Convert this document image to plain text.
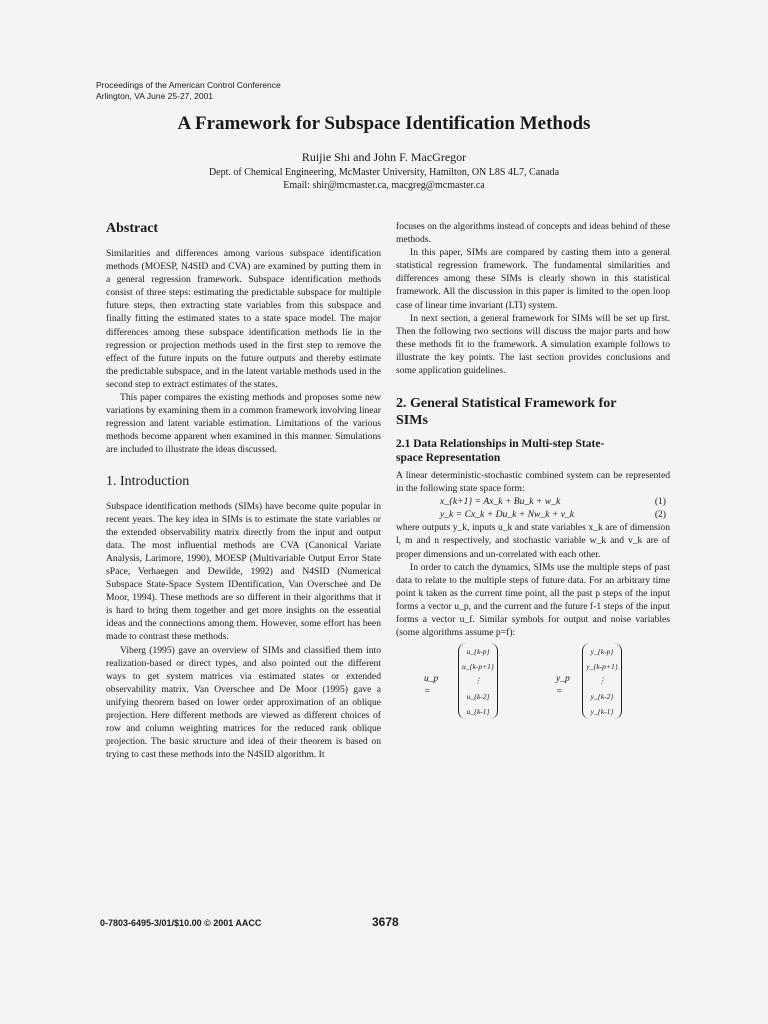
Proceedings of the American Control Conference
Arlington, VA June 25-27, 2001
A Framework for Subspace Identification Methods
Ruijie Shi and John F. MacGregor
Dept. of Chemical Engineering, McMaster University, Hamilton, ON L8S 4L7, Canada
Email: shir@mcmaster.ca, macgreg@mcmaster.ca
Abstract

Similarities and differences among various subspace identification methods (MOESP, N4SID and CVA) are examined by putting them in a general regression framework. Subspace identification methods consist of three steps: estimating the predictable subspace for multiple future steps, then extracting state variables from this subspace and finally fitting the estimated states to a state space model. The major differences among these subspace identification methods lie in the regression or projection methods used in the first step to remove the effect of the future inputs on the future outputs and thereby estimate the predictable subspace, and in the latent variable methods used in the second step to extract estimates of the states.

This paper compares the existing methods and proposes some new variations by examining them in a common framework involving linear regression and latent variable estimation. Limitations of the various methods become apparent when examined in this manner. Simulations are included to illustrate the ideas discussed.

1. Introduction

Subspace identification methods (SIMs) have become quite popular in recent years. The key idea in SIMs is to estimate the state variables or the extended observability matrix directly from the input and output data. The most influential methods are CVA (Canonical Variate Analysis, Larimore, 1990), MOESP (Multivariable Output Error State sPace, Verhaegen and Dewilde, 1992) and N4SID (Numerical Subspace State-Space System IDentification, Van Overschee and De Moor, 1994). These methods are so different in their algorithms that it is hard to bring them together and get more insights on the essential ideas and the connections among them. However, some effort has been made to contrast these methods.

Viberg (1995) gave an overview of SIMs and classified them into realization-based or direct types, and also pointed out the different ways to get system matrices via estimated states or extended observability matrix. Van Overschee and De Moor (1995) gave a unifying theorem based on lower order approximation of an oblique projection. Here different methods are viewed as different choices of row and column weighting matrices for the reduced rank oblique projection. The basic structure and idea of their theorem is based on trying to cast these methods into the N4SID algorithm. It

focuses on the algorithms instead of concepts and ideas behind of these methods.

In this paper, SIMs are compared by casting them into a general statistical regression framework. The fundamental similarities and differences among these SIMs is clearly shown in this statistical framework. All the discussion in this paper is limited to the open loop case of linear time invariant (LTI) system.

In next section, a general framework for SIMs will be set up first. Then the following two sections will discuss the major parts and how these methods fit to the framework. A simulation example follows to illustrate the key points. The last section provides conclusions and some application guidelines.

2. General Statistical Framework for
SIMs
2.1 Data Relationships in Multi-step State-
space Representation

A linear deterministic-stochastic combined system can be represented in the following state space form:

x_{k+1} = Ax_k + Bu_k + w_k	(1)
y_k = Cx_k + Du_k + Nw_k + v_k	(2)

where outputs y_k, inputs u_k and state variables x_k are of dimension l, m and n respectively, and stochastic variable w_k and v_k are of proper dimensions and un-correlated with each other.

In order to catch the dynamics, SIMs use the multiple steps of past data to relate to the multiple steps of future data. For an arbitrary time point k taken as the current time point, all the past p steps of the input forms a vector u_p, and the current and the future f-1 steps of the input forms a vector u_f. Similar symbols for output and noise variables (some algorithms assume p=f):

u_p =
u_{k-p}
u_{k-p+1}
⋮
u_{k-2}
u_{k-1}
y_p =
y_{k-p}
y_{k-p+1}
⋮
y_{k-2}
y_{k-1}
0-7803-6495-3/01/$10.00 © 2001 AACC	3678
